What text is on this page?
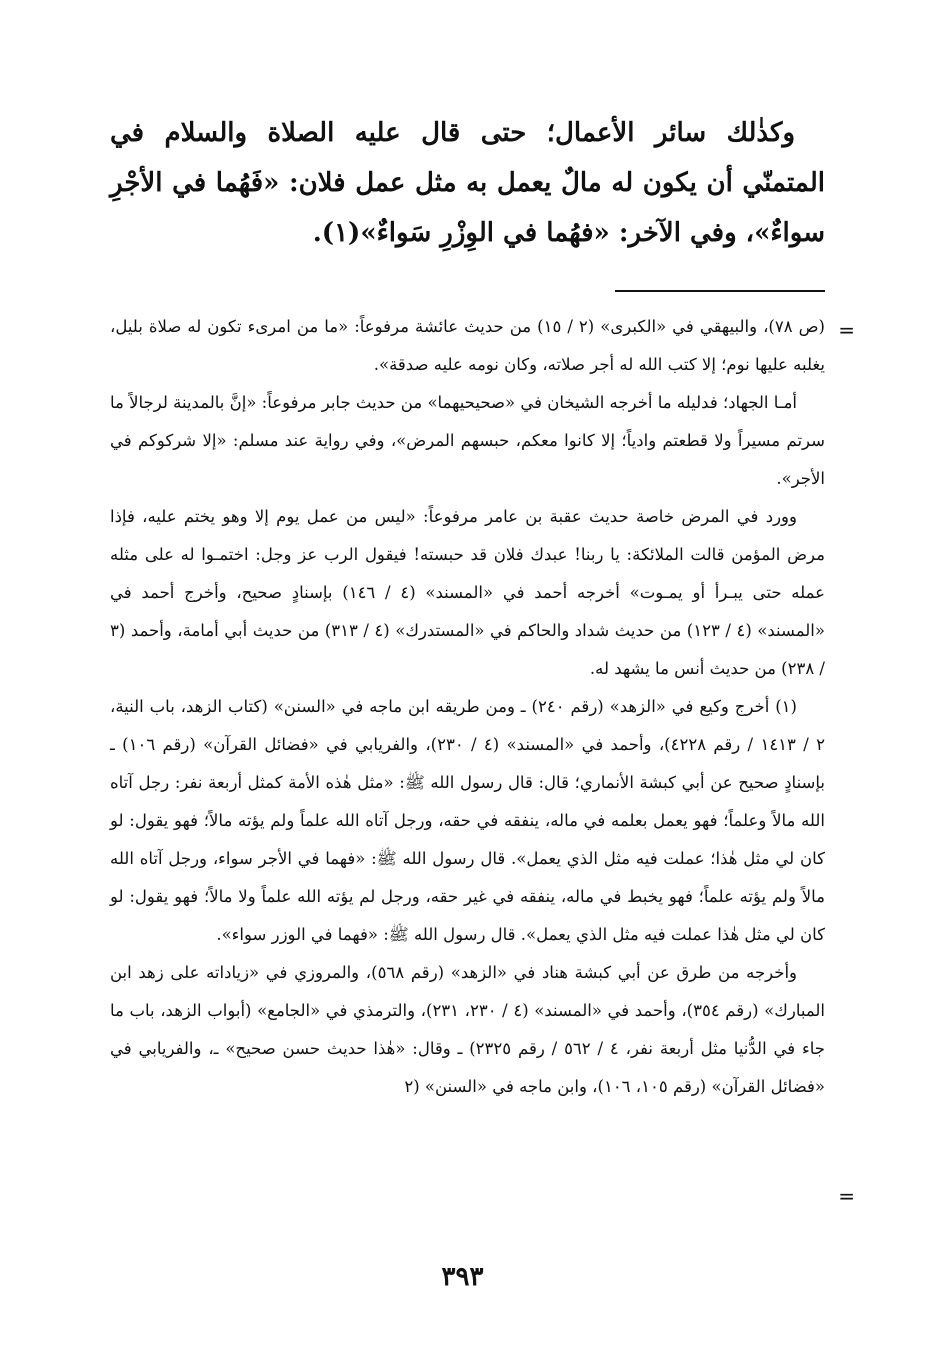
وكذٰلك سائر الأعمال؛ حتى قال عليه الصلاة والسلام في المتمنّي أن يكون له مالٌ يعمل به مثل عمل فلان: «فَهُما في الأجْرِ سواءٌ»، وفي الآخر: «فهُما في الوِزْرِ سَواءٌ»(١).

=

(ص ٧٨)، والبيهقي في «الكبرى» (٢ / ١٥) من حديث عائشة مرفوعاً: «ما من امرىء تكون له صلاة بليل، يغلبه عليها نوم؛ إلا كتب الله له أجر صلاته، وكان نومه عليه صدقة».

أمـا الجهاد؛ فدليله ما أخرجه الشيخان في «صحيحيهما» من حديث جابر مرفوعاً: «إنَّ بالمدينة لرجالاً ما سرتم مسيراً ولا قطعتم وادياً؛ إلا كانوا معكم، حبسهم المرض»، وفي رواية عند مسلم: «إلا شركوكم في الأجر».

وورد في المرض خاصة حديث عقبة بن عامر مرفوعاً: «ليس من عمل يوم إلا وهو يختم عليه، فإذا مرض المؤمن قالت الملائكة: يا ربنا! عبدك فلان قد حبسته! فيقول الرب عز وجل: اختمـوا له على مثله عمله حتى يبـرأ أو يمـوت» أخرجه أحمد في «المسند» (٤ / ١٤٦) بإسنادٍ صحيح، وأخرج أحمد في «المسند» (٤ / ١٢٣) من حديث شداد والحاكم في «المستدرك» (٤ / ٣١٣) من حديث أبي أمامة، وأحمد (٣ / ٢٣٨) من حديث أنس ما يشهد له.

(١) أخرج وكيع في «الزهد» (رقم ٢٤٠) ـ ومن طريقه ابن ماجه في «السنن» (كتاب الزهد، باب النية، ٢ / ١٤١٣ / رقم ٤٢٢٨)، وأحمد في «المسند» (٤ / ٢٣٠)، والفريابي في «فضائل القرآن» (رقم ١٠٦) ـ بإسنادٍ صحيح عن أبي كبشة الأنماري؛ قال: قال رسول الله ﷺ: «مثل هٰذه الأمة كمثل أربعة نفر: رجل آتاه الله مالاً وعلماً؛ فهو يعمل بعلمه في ماله، ينفقه في حقه، ورجل آتاه الله علماً ولم يؤته مالاً؛ فهو يقول: لو كان لي مثل هٰذا؛ عملت فيه مثل الذي يعمل». قال رسول الله ﷺ: «فهما في الأجر سواء، ورجل آتاه الله مالاً ولم يؤته علماً؛ فهو يخبط في ماله، ينفقه في غير حقه، ورجل لم يؤته الله علماً ولا مالاً؛ فهو يقول: لو كان لي مثل هٰذا عملت فيه مثل الذي يعمل». قال رسول الله ﷺ: «فهما في الوزر سواء».

وأخرجه من طرق عن أبي كبشة هناد في «الزهد» (رقم ٥٦٨)، والمروزي في «زياداته على زهد ابن المبارك» (رقم ٣٥٤)، وأحمد في «المسند» (٤ / ٢٣٠، ٢٣١)، والترمذي في «الجامع» (أبواب الزهد، باب ما جاء في الدُّنيا مثل أربعة نفر، ٤ / ٥٦٢ / رقم ٢٣٢٥) ـ وقال: «هٰذا حديث حسن صحيح» ـ، والفريابي في «فضائل القرآن» (رقم ١٠٥، ١٠٦)، وابن ماجه في «السنن» (٢

=
٣٩٣
